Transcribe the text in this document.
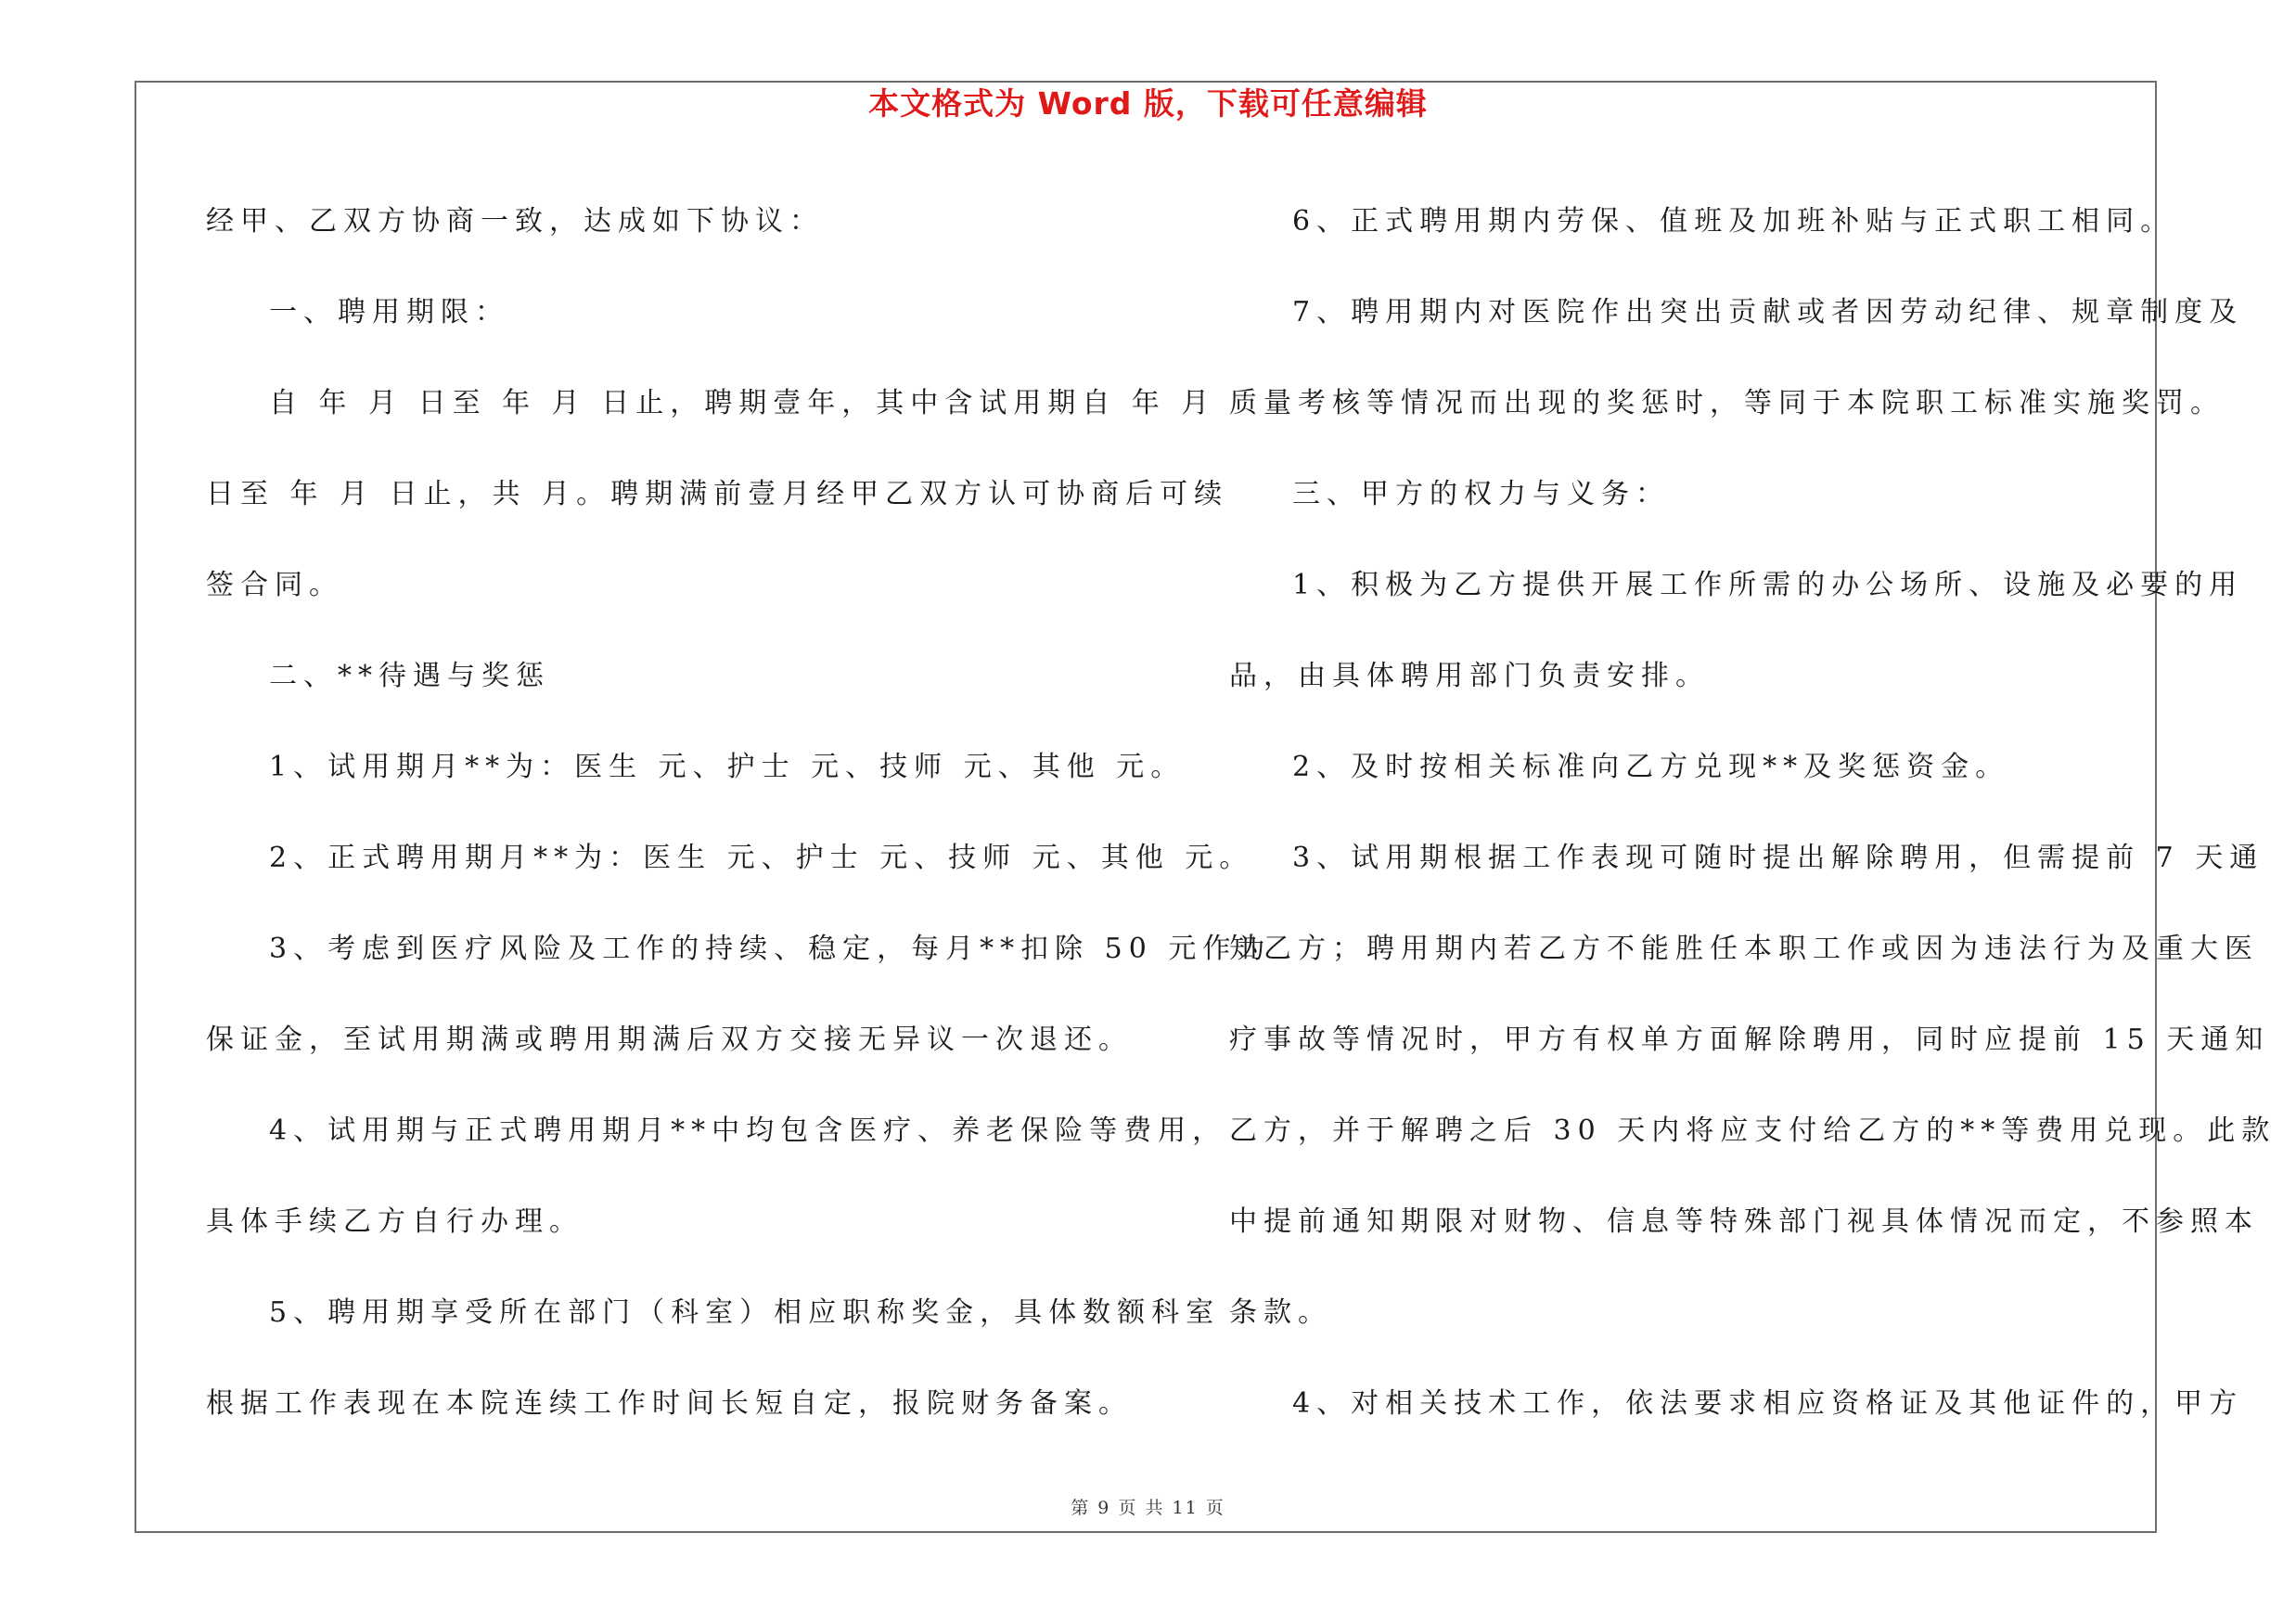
本文格式为 Word 版，下载可任意编辑

经甲、乙双方协商一致，达成如下协议：

一、聘用期限：

自 年 月 日至 年 月 日止，聘期壹年，其中含试用期自 年 月

日至 年 月 日止，共 月。聘期满前壹月经甲乙双方认可协商后可续

签合同。

二、**待遇与奖惩

1、试用期月**为：医生 元、护士 元、技师 元、其他 元。

2、正式聘用期月**为：医生 元、护士 元、技师 元、其他 元。

3、考虑到医疗风险及工作的持续、稳定，每月**扣除 50 元作为

保证金，至试用期满或聘用期满后双方交接无异议一次退还。

4、试用期与正式聘用期月**中均包含医疗、养老保险等费用，

具体手续乙方自行办理。

5、聘用期享受所在部门（科室）相应职称奖金，具体数额科室

根据工作表现在本院连续工作时间长短自定，报院财务备案。

6、正式聘用期内劳保、值班及加班补贴与正式职工相同。

7、聘用期内对医院作出突出贡献或者因劳动纪律、规章制度及

质量考核等情况而出现的奖惩时，等同于本院职工标准实施奖罚。

三、甲方的权力与义务：

1、积极为乙方提供开展工作所需的办公场所、设施及必要的用

品，由具体聘用部门负责安排。

2、及时按相关标准向乙方兑现**及奖惩资金。

3、试用期根据工作表现可随时提出解除聘用，但需提前 7 天通

知乙方；聘用期内若乙方不能胜任本职工作或因为违法行为及重大医

疗事故等情况时，甲方有权单方面解除聘用，同时应提前 15 天通知

乙方，并于解聘之后 30 天内将应支付给乙方的**等费用兑现。此款

中提前通知期限对财物、信息等特殊部门视具体情况而定，不参照本

条款。

4、对相关技术工作，依法要求相应资格证及其他证件的，甲方

第 9 页 共 11 页
